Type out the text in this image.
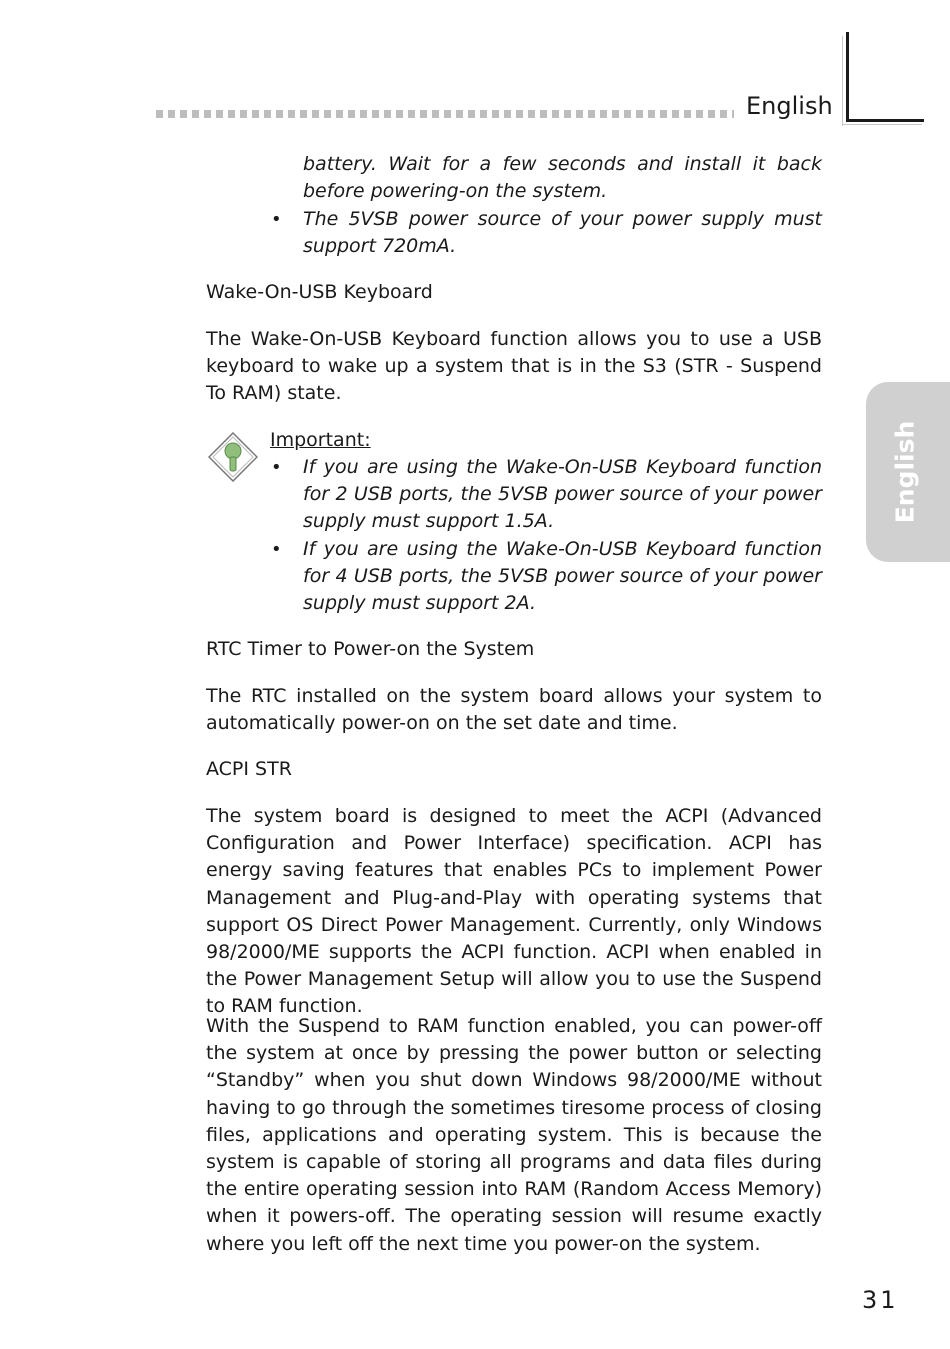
English
English
battery. Wait for a few seconds and install it back before powering-on the system.
• The 5VSB power source of your power supply must support 720mA.
Wake-On-USB Keyboard
The Wake-On-USB Keyboard function allows you to use a USB keyboard to wake up a system that is in the S3 (STR - Suspend To RAM) state.
Important:
• If you are using the Wake-On-USB Keyboard function for 2 USB ports, the 5VSB power source of your power supply must support 1.5A.
• If you are using the Wake-On-USB Keyboard function for 4 USB ports, the 5VSB power source of your power supply must support 2A.
RTC Timer to Power-on the System
The RTC installed on the system board allows your system to automatically power-on on the set date and time.
ACPI STR
The system board is designed to meet the ACPI (Advanced Configuration and Power Interface) specification. ACPI has energy saving features that enables PCs to implement Power Management and Plug-and-Play with operating systems that support OS Direct Power Management. Currently, only Windows 98/2000/ME supports the ACPI function. ACPI when enabled in the Power Management Setup will allow you to use the Suspend to RAM function.
With the Suspend to RAM function enabled, you can power-off the system at once by pressing the power button or selecting “Standby” when you shut down Windows 98/2000/ME without having to go through the sometimes tiresome process of closing files, applications and operating system. This is because the system is capable of storing all programs and data files during the entire operating session into RAM (Random Access Memory) when it powers-off. The operating session will resume exactly where you left off the next time you power-on the system.
31
